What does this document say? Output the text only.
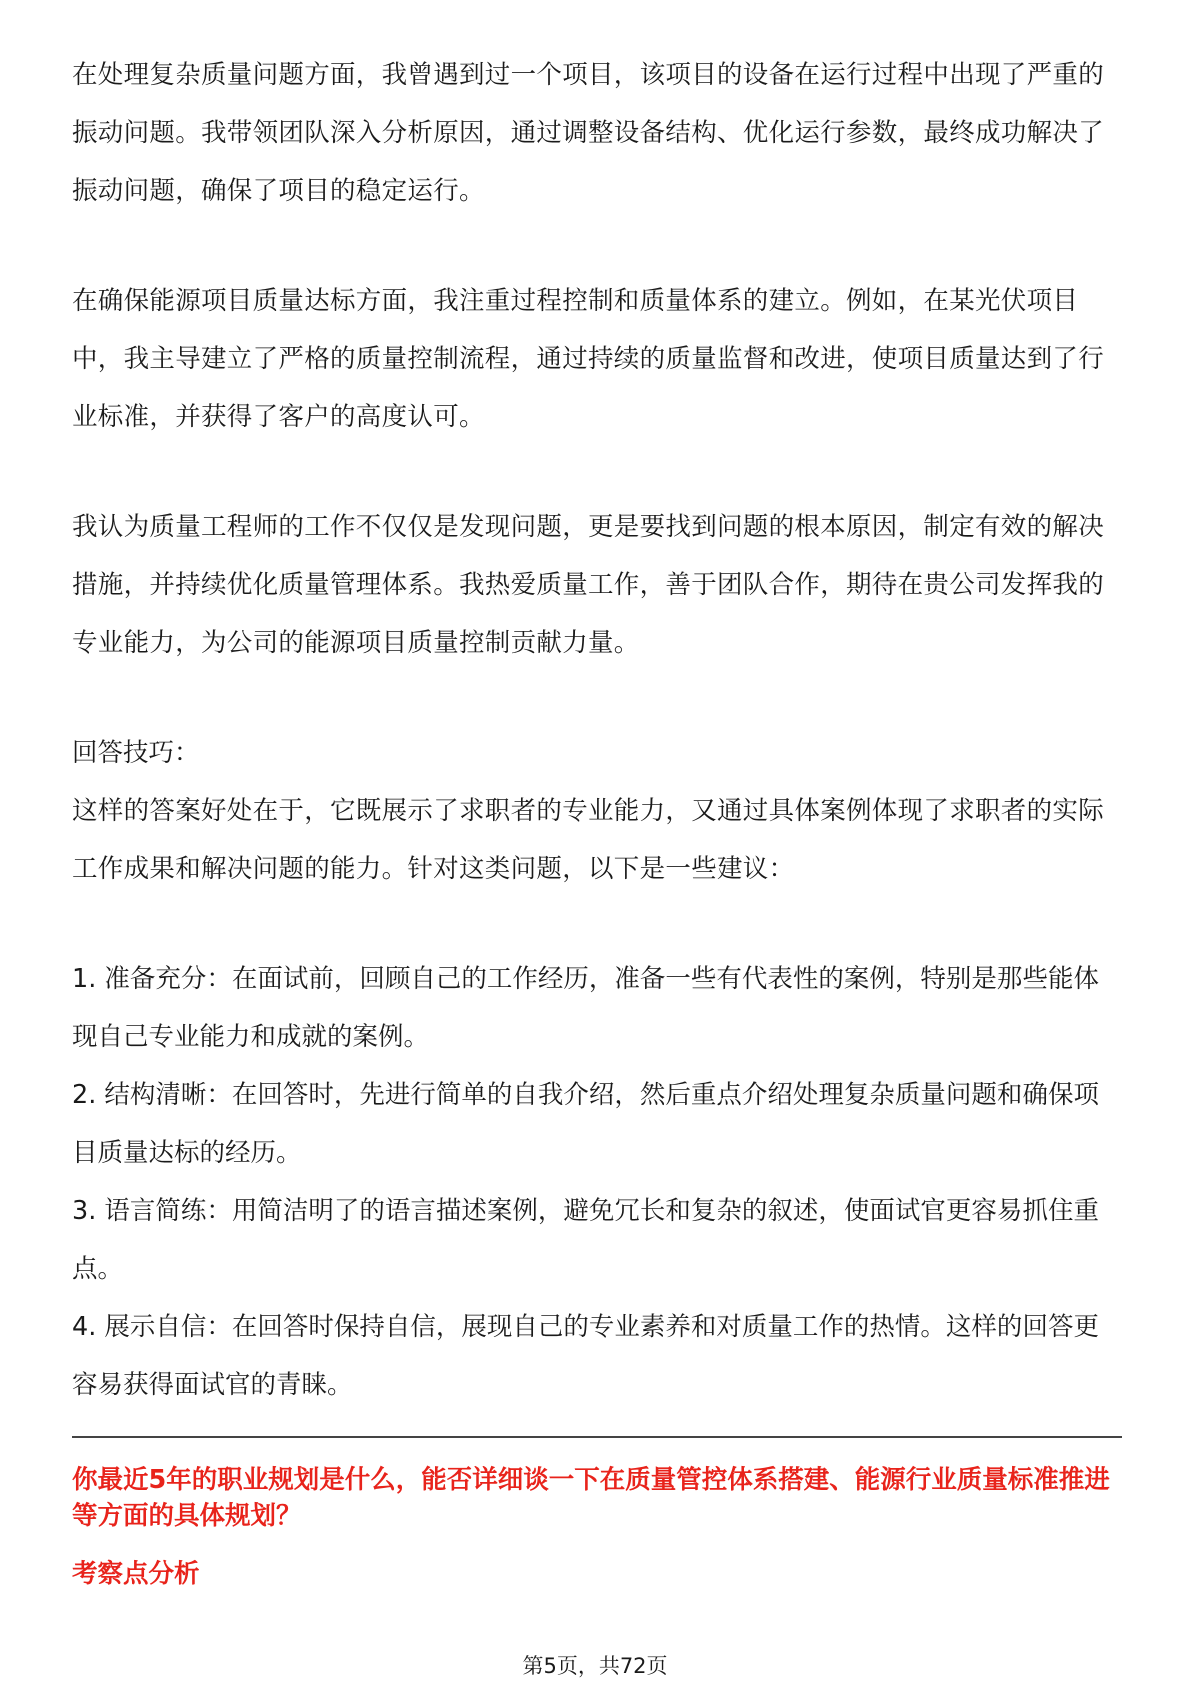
在处理复杂质量问题方面，我曾遇到过一个项目，该项目的设备在运行过程中出现了严重的振动问题。我带领团队深入分析原因，通过调整设备结构、优化运行参数，最终成功解决了振动问题，确保了项目的稳定运行。

在确保能源项目质量达标方面，我注重过程控制和质量体系的建立。例如，在某光伏项目中，我主导建立了严格的质量控制流程，通过持续的质量监督和改进，使项目质量达到了行业标准，并获得了客户的高度认可。

我认为质量工程师的工作不仅仅是发现问题，更是要找到问题的根本原因，制定有效的解决措施，并持续优化质量管理体系。我热爱质量工作，善于团队合作，期待在贵公司发挥我的专业能力，为公司的能源项目质量控制贡献力量。

回答技巧：

这样的答案好处在于，它既展示了求职者的专业能力，又通过具体案例体现了求职者的实际工作成果和解决问题的能力。针对这类问题，以下是一些建议：

1. 准备充分：在面试前，回顾自己的工作经历，准备一些有代表性的案例，特别是那些能体现自己专业能力和成就的案例。
2. 结构清晰：在回答时，先进行简单的自我介绍，然后重点介绍处理复杂质量问题和确保项目质量达标的经历。
3. 语言简练：用简洁明了的语言描述案例，避免冗长和复杂的叙述，使面试官更容易抓住重点。
4. 展示自信：在回答时保持自信，展现自己的专业素养和对质量工作的热情。这样的回答更容易获得面试官的青睐。

你最近5年的职业规划是什么，能否详细谈一下在质量管控体系搭建、能源行业质量标准推进等方面的具体规划？

考察点分析

第5页，共72页
